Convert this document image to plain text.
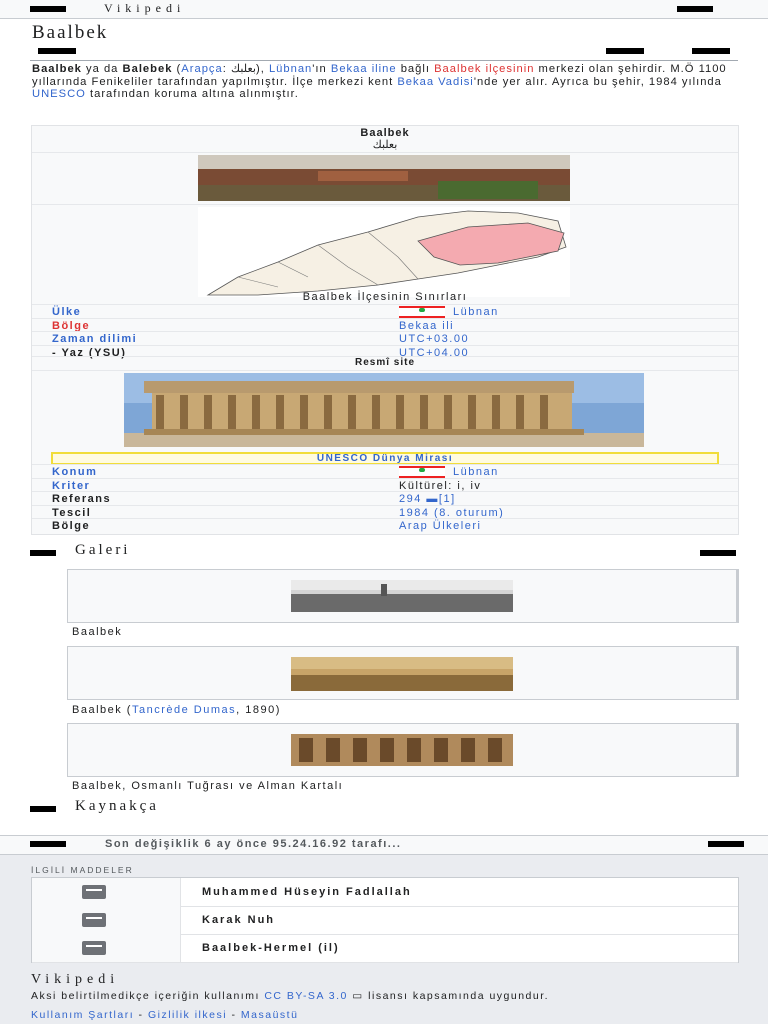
Vikipedi
Baalbek
Baalbek ya da Balebek (Arapça: بعلبك), Lübnan'ın Bekaa iline bağlı Baalbek ilçesinin merkezi olan şehirdir. M.Ö 1100 yıllarında Fenikeliler tarafından yapılmıştır. İlçe merkezi kent Bekaa Vadisi'nde yer alır. Ayrıca bu şehir, 1984 yılında UNESCO tarafından koruma altına alınmıştır.
Baalbek
بعلبك
Baalbek İlçesinin Sınırları
Ülke	Lübnan
Bölge	Bekaa ili
Zaman dilimi	UTC+03.00
- Yaz (YSU)	UTC+04.00
Resmî site
UNESCO Dünya Mirası
Konum	Lübnan
Kriter	Kültürel: i, iv
Referans	294 ▬[1]
Tescil	1984 (8. oturum)
Bölge	Arap Ülkeleri
Galeri
Baalbek
Baalbek (Tancrède Dumas, 1890)
Baalbek, Osmanlı Tuğrası ve Alman Kartalı
Kaynakça
Son değişiklik 6 ay önce 95.24.16.92 tarafı...
İLGİLİ MADDELER
Muhammed Hüseyin Fadlallah
Karak Nuh
Baalbek-Hermel (il)
Vikipedi
Aksi belirtilmedikçe içeriğin kullanımı CC BY-SA 3.0 ▭ lisansı kapsamında uygundur.
Kullanım Şartları - Gizlilik ilkesi - Masaüstü
